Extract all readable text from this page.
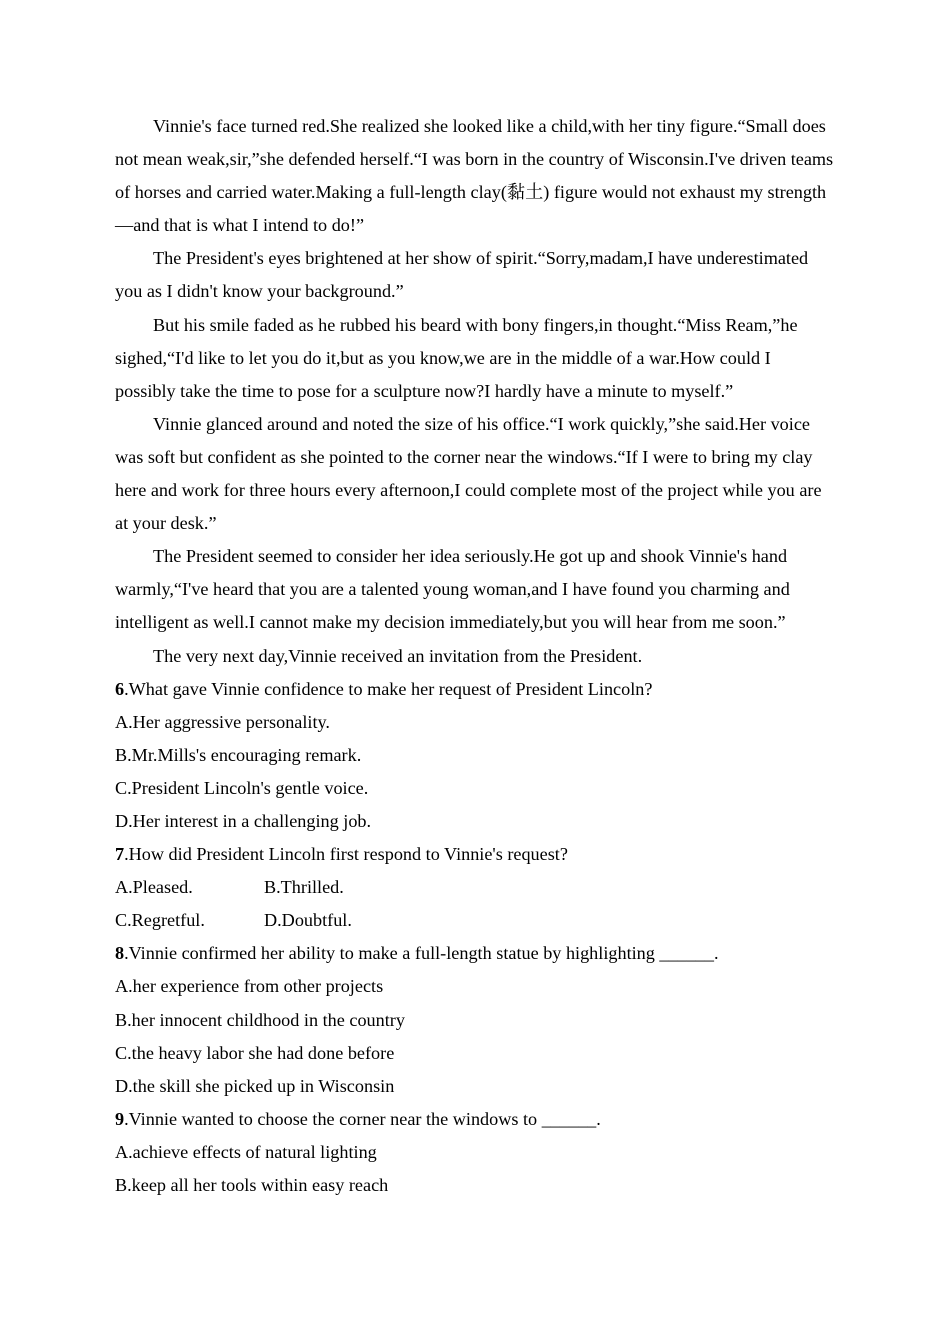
Vinnie's face turned red.She realized she looked like a child,with her tiny figure.“Small does not mean weak,sir,”she defended herself.“I was born in the country of Wisconsin.I've driven teams of horses and carried water.Making a full-length clay(黏土) figure would not exhaust my strength—and that is what I intend to do!”

The President's eyes brightened at her show of spirit.“Sorry,madam,I have underestimated you as I didn't know your background.”

But his smile faded as he rubbed his beard with bony fingers,in thought.“Miss Ream,”he sighed,“I'd like to let you do it,but as you know,we are in the middle of a war.How could I possibly take the time to pose for a sculpture now?I hardly have a minute to myself.”

Vinnie glanced around and noted the size of his office.“I work quickly,”she said.Her voice was soft but confident as she pointed to the corner near the windows.“If I were to bring my clay here and work for three hours every afternoon,I could complete most of the project while you are at your desk.”

The President seemed to consider her idea seriously.He got up and shook Vinnie's hand warmly,“I've heard that you are a talented young woman,and I have found you charming and intelligent as well.I cannot make my decision immediately,but you will hear from me soon.”

The very next day,Vinnie received an invitation from the President.

6.What gave Vinnie confidence to make her request of President Lincoln?

A.Her aggressive personality.

B.Mr.Mills's encouraging remark.

C.President Lincoln's gentle voice.

D.Her interest in a challenging job.

7.How did President Lincoln first respond to Vinnie's request?

A.Pleased.	B.Thrilled.
C.Regretful.	D.Doubtful.

8.Vinnie confirmed her ability to make a full-length statue by highlighting ______.

A.her experience from other projects

B.her innocent childhood in the country

C.the heavy labor she had done before

D.the skill she picked up in Wisconsin

9.Vinnie wanted to choose the corner near the windows to ______.

A.achieve effects of natural lighting

B.keep all her tools within easy reach
